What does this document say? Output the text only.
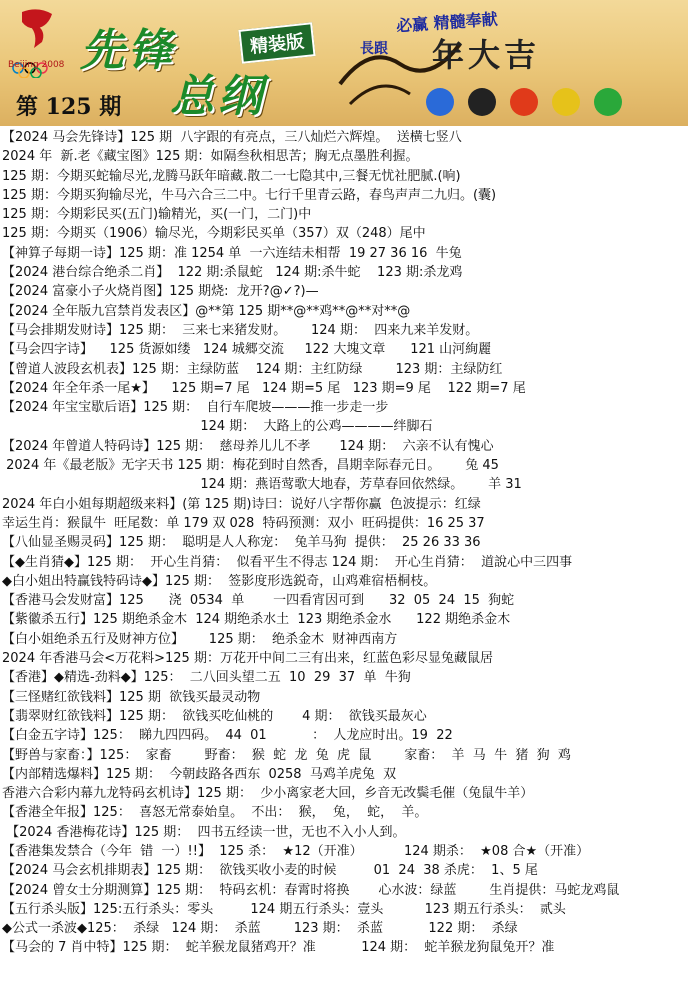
Beijing 2008 先锋
总纲
精装版
第 125 期
必赢 精髓奉献
長跟 年大吉
【2024 马会先锋诗】125 期  八字跟的有亮点，三八灿烂六辉煌。  送横七竖八
2024 年  新.老《藏宝图》125 期：如隔叁秋相思苦；胸无点墨胜利握。
125 期：今期买蛇输尽光,龙腾马跃年暗藏.散二一七隐其中,三餐无忧社肥腻.(响)
125 期：今期买狗输尽光，牛马六合三二中。七行千里青云路，春鸟声声二九归。(囊)
125 期：今期彩民买(五门)输精光，买(一门，二门)中
125 期：今期买（1906）输尽光，今期彩民买单（357）双（248）尾中
【神算子每期一诗】125 期：准 1254 单  一六连结未相帮  19 27 36 16  牛兔
【2024 港台综合绝杀二肖】  122 期:杀鼠蛇   124 期:杀牛蛇    123 期:杀龙鸡
【2024 富豪小子火烧肖图】125 期烧:  龙开?@✓?)—
【2024 全年版九宫禁肖发表区】@**第 125 期**@**鸡**@**对**@
【马会排期发财诗】125 期：  三来七来猪发财。      124 期：  四来九来羊发财。
【马会四字诗】    125 货源如缕   124 城郷交流     122 大塊文章      121 山河絢麗
【曾道人波段玄机表】125 期：主绿防蓝    124 期：主红防绿        123 期：主绿防红
【2024 年全年杀一尾★】    125 期=7 尾   124 期=5 尾   123 期=9 尾    122 期=7 尾
【2024 年宝宝歇后语】125 期：  自行车爬坡———推一步走一步
124 期：  大路上的公鸡————绊脚石
【2024 年曾道人特码诗】125 期：  慈母养儿儿不孝       124 期：  六亲不认有愧心
2024 年《最老版》无字天书 125 期：梅花到时自然香，昌期幸际春元日。      兔 45
124 期：燕语莺歌大地春，芳草春回依然绿。      羊 31
2024 年白小姐每期超级来料】(第 125 期)诗曰：说好八字帮你赢  色波提示：红绿
幸运生肖：猴鼠牛  旺尾数：单 179 双 028  特码预测：双小  旺码提供：16 25 37
【八仙显圣赐灵码】125 期：  聪明是人人称宠：  兔羊马狗  提供：  25 26 33 36
【◆生肖猜◆】125 期：  开心生肖猜：  似看平生不得志 124 期：  开心生肖猜：  道說心中三四事
◆白小姐出特赢钱特码诗◆】125 期：  签影度形选鋭奇，山鸡难宿梧桐枝。
【香港马会发财富】125      浇  0534  单       一四看宵因可到      32  05  24  15  狗蛇
【紫徽杀五行】125 期绝杀金木  124 期绝杀水土  123 期绝杀金水      122 期绝杀金木
【白小姐绝杀五行及财神方位】      125 期：  绝杀金木  财神西南方
2024 年香港马会<万花料>125 期：万花开中间二三有出来，红蓝色彩尽显兔藏鼠居
【香港】◆精选-劲料◆】125：  二八回头望二五  10  29  37  单  牛狗
【三怪赌红欲钱料】125 期  欲钱买最灵动物
【翡翠财红欲钱料】125 期：  欲钱买吃仙桃的       4 期：  欲钱买最灰心
【白金五字诗】125：  睇九四四码。  44  01           ：  人龙应时出。19  22
【野兽与家畜：】125：  家畜        野畜：  猴  蛇  龙  兔  虎  鼠        家畜：  羊  马  牛  猪  狗  鸡
【内部精选爆料】125 期：  今朝歧路各西东  0258  马鸡羊虎兔  双
香港六合彩内幕九龙特码玄机诗】125 期：  少小离家老大回，乡音无改鬓毛催（兔鼠牛羊）
【香港全年报】125：  喜怒无常泰始皇。  不出：  猴，  兔，  蛇，  羊。
【2024 香港梅花诗】125 期：  四书五经读一世，无也不入小人到。
【香港集发禁合（今年  错  一）!!】  125 杀：  ★12（开准）          124 期杀：  ★08 合★（开准）
【2024 马会玄机排期表】125 期：  欲钱买收小麦的时候         01  24  38 杀虎：  1、5 尾
【2024 曾女士分期测算】125 期：  特码玄机：春霄时将换       心水波：绿蓝        生肖提供：马蛇龙鸡鼠
【五行杀头版】125:五行杀头：零头         124 期五行杀头：壹头          123 期五行杀头：  贰头
◆公式一杀波◆125：  杀绿   124 期：  杀蓝        123 期：  杀蓝           122 期：  杀绿
【马会的 7 肖中特】125 期：  蛇羊猴龙鼠猪鸡开？准           124 期：  蛇羊猴龙狗鼠兔开？准
